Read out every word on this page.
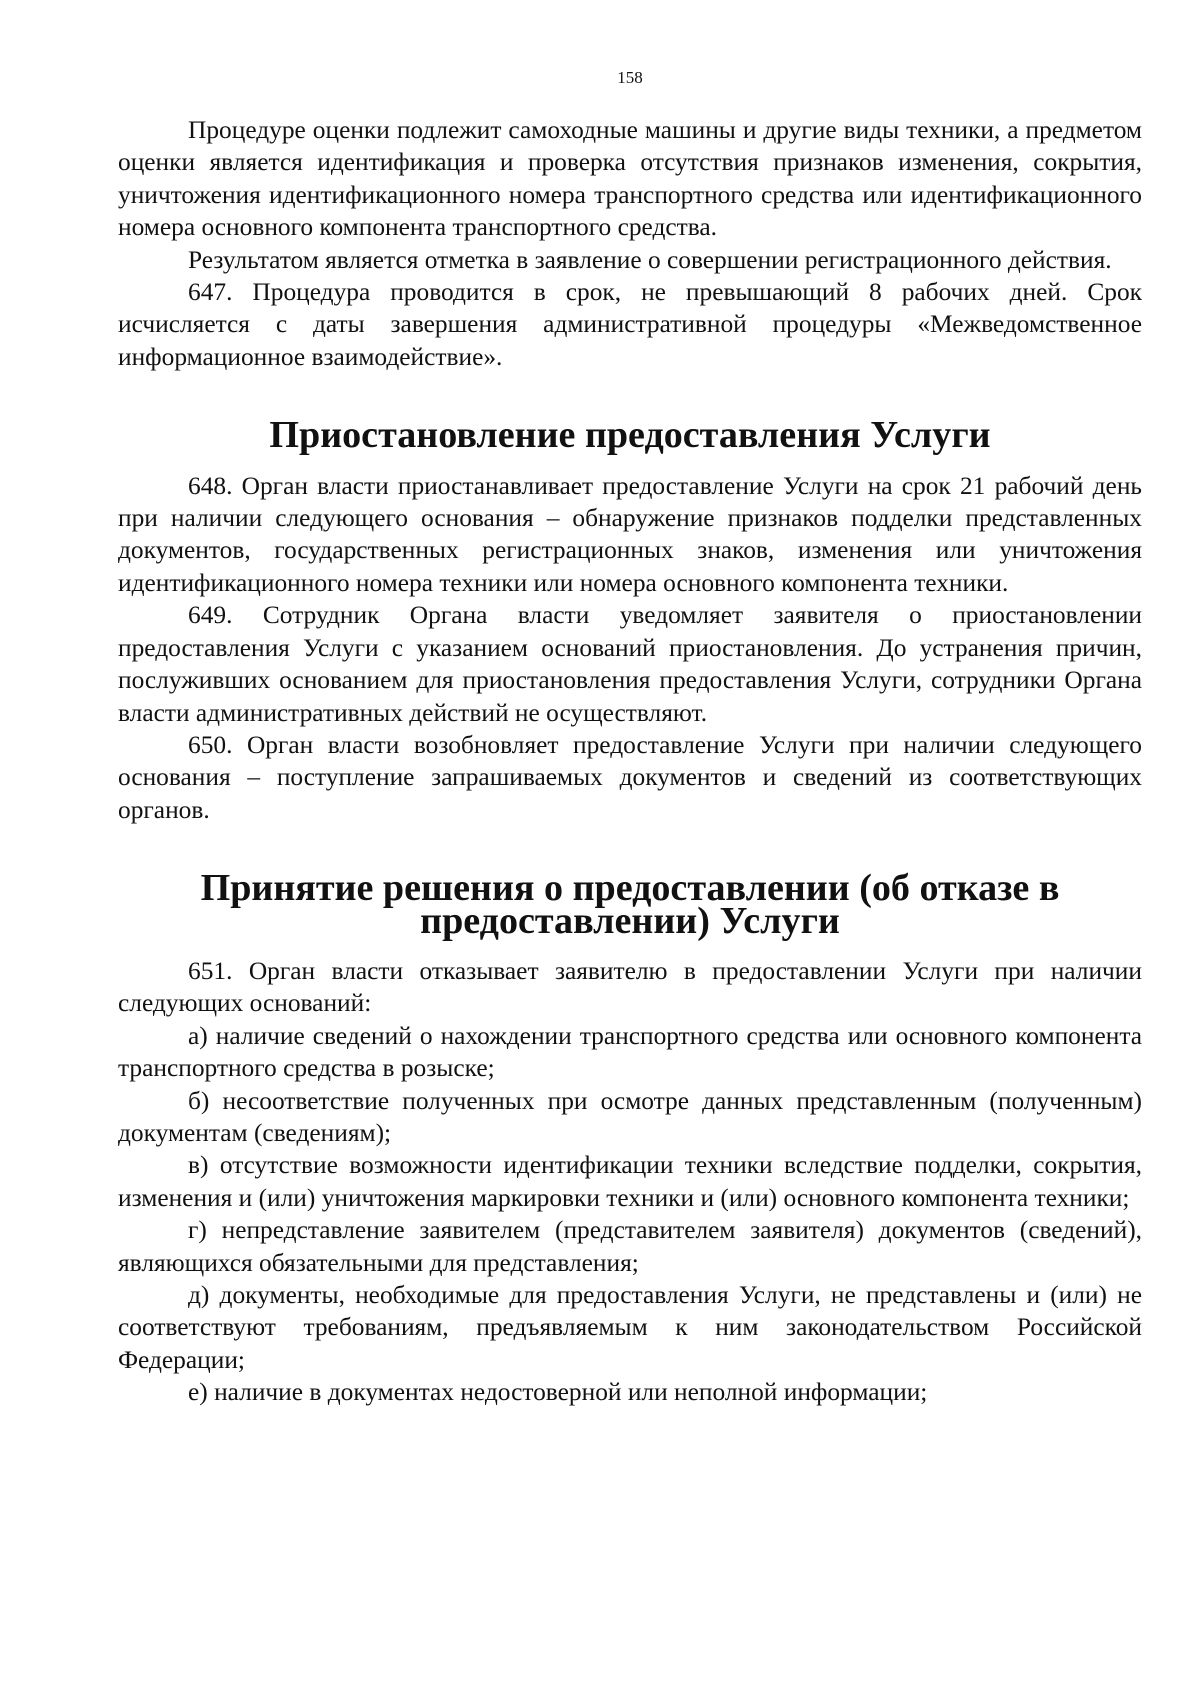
158

Процедуре оценки подлежит самоходные машины и другие виды техники, а предметом оценки является идентификация и проверка отсутствия признаков изменения, сокрытия, уничтожения идентификационного номера транспортного средства или идентификационного номера основного компонента транспортного средства.

Результатом является отметка в заявление о совершении регистрационного действия.

647. Процедура проводится в срок, не превышающий 8 рабочих дней. Срок исчисляется с даты завершения административной процедуры «Межведомственное информационное взаимодействие».

Приостановление предоставления Услуги

648. Орган власти приостанавливает предоставление Услуги на срок 21 рабочий день при наличии следующего основания – обнаружение признаков подделки представленных документов, государственных регистрационных знаков, изменения или уничтожения идентификационного номера техники или номера основного компонента техники.

649. Сотрудник Органа власти уведомляет заявителя о приостановлении предоставления Услуги с указанием оснований приостановления. До устранения причин, послуживших основанием для приостановления предоставления Услуги, сотрудники Органа власти административных действий не осуществляют.

650. Орган власти возобновляет предоставление Услуги при наличии следующего основания – поступление запрашиваемых документов и сведений из соответствующих органов.

Принятие решения о предоставлении (об отказе в предоставлении) Услуги

651. Орган власти отказывает заявителю в предоставлении Услуги при наличии следующих оснований:

а) наличие сведений о нахождении транспортного средства или основного компонента транспортного средства в розыске;

б) несоответствие полученных при осмотре данных представленным (полученным) документам (сведениям);

в) отсутствие возможности идентификации техники вследствие подделки, сокрытия, изменения и (или) уничтожения маркировки техники и (или) основного компонента техники;

г) непредставление заявителем (представителем заявителя) документов (сведений), являющихся обязательными для представления;

д) документы, необходимые для предоставления Услуги, не представлены и (или) не соответствуют требованиям, предъявляемым к ним законодательством Российской Федерации;

е) наличие в документах недостоверной или неполной информации;
